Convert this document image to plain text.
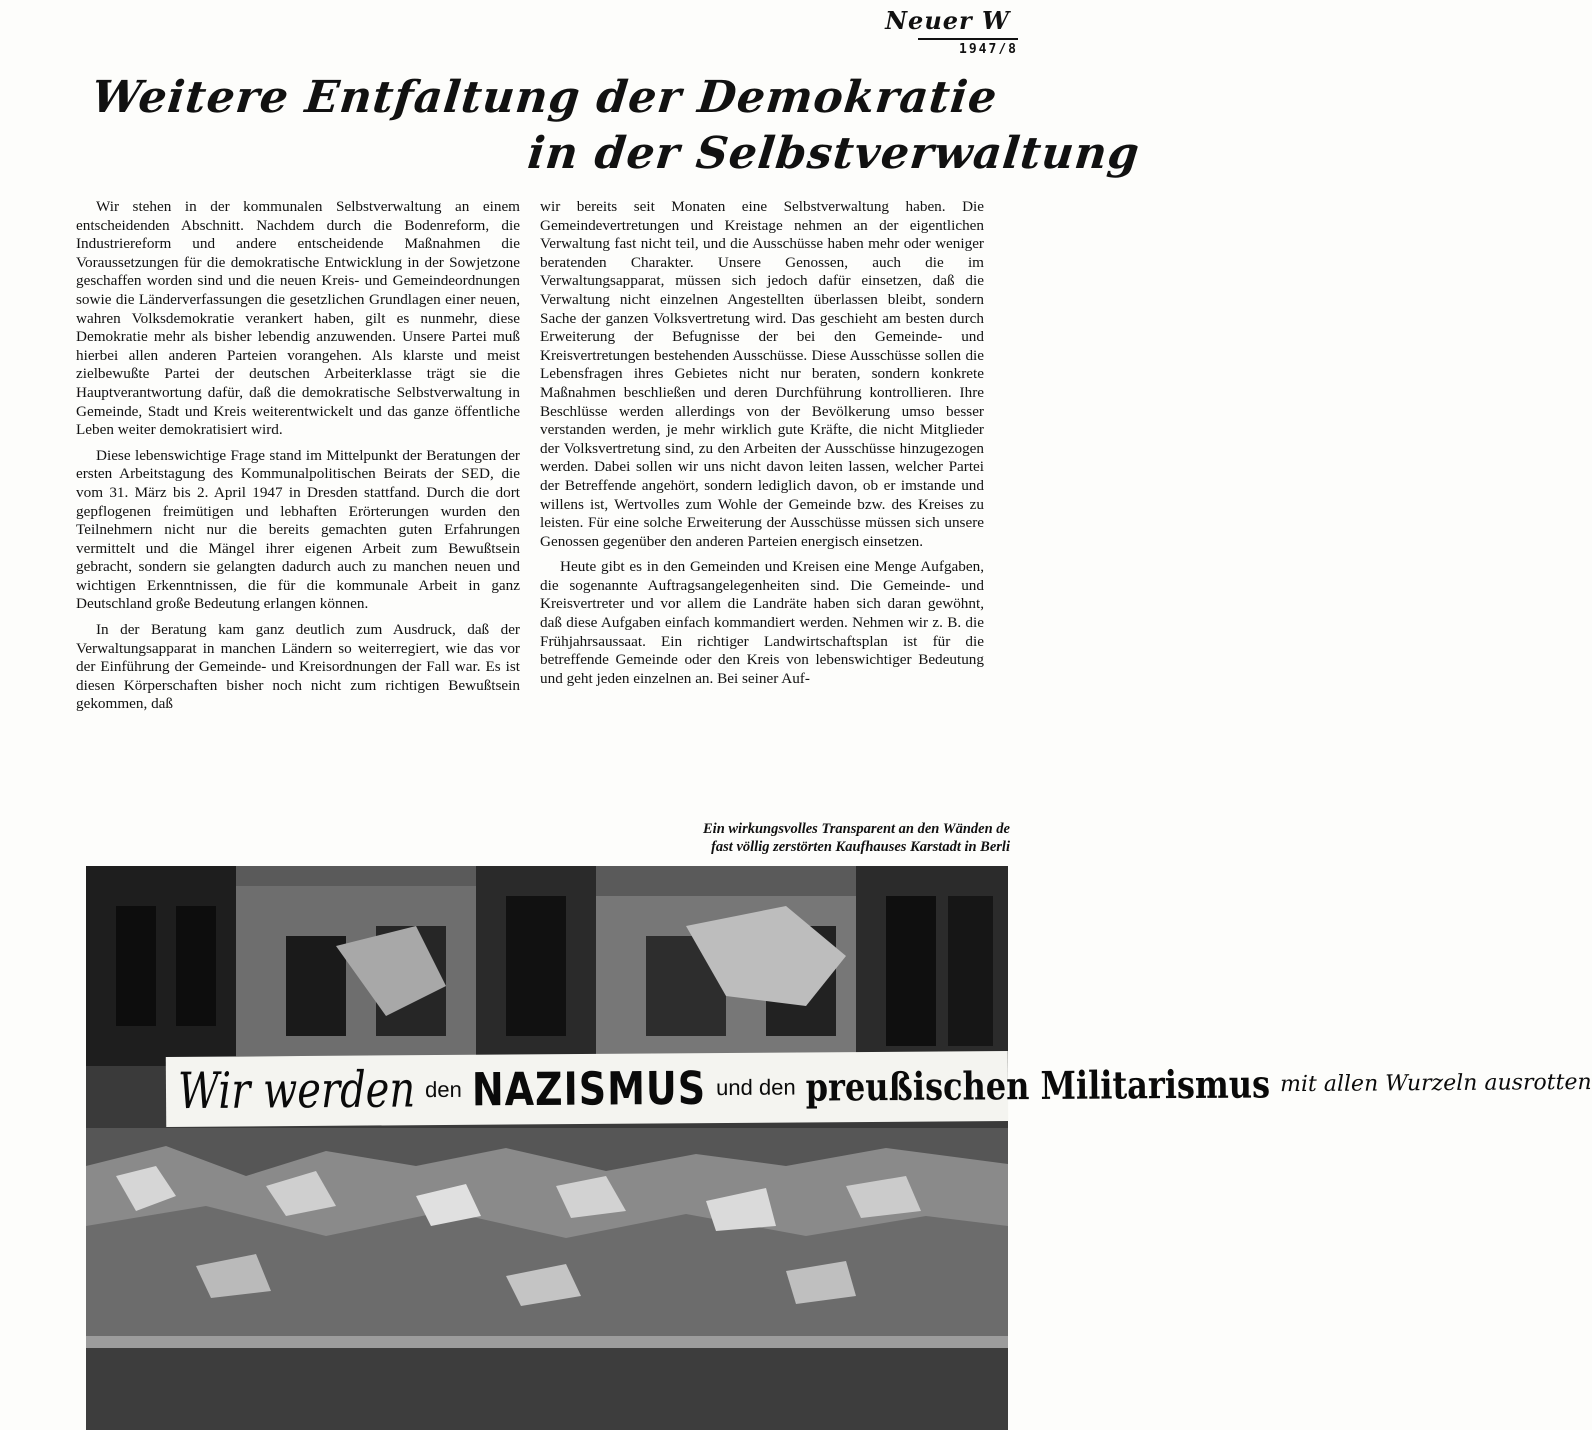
Neuer W
1947/8
Weitere Entfaltung der Demokratie
in der Selbstverwaltung

Wir stehen in der kommunalen Selbstverwaltung an einem entscheidenden Abschnitt. Nachdem durch die Bodenreform, die Industriereform und andere entscheidende Maßnahmen die Voraussetzungen für die demokratische Entwicklung in der Sowjetzone geschaffen worden sind und die neuen Kreis- und Gemeindeordnungen sowie die Länderverfassungen die gesetzlichen Grundlagen einer neuen, wahren Volksdemokratie verankert haben, gilt es nunmehr, diese Demokratie mehr als bisher lebendig anzuwenden. Unsere Partei muß hierbei allen anderen Parteien vorangehen. Als klarste und meist zielbewußte Partei der deutschen Arbeiterklasse trägt sie die Hauptverantwortung dafür, daß die demokratische Selbstverwaltung in Gemeinde, Stadt und Kreis weiterentwickelt und das ganze öffentliche Leben weiter demokratisiert wird.

Diese lebenswichtige Frage stand im Mittelpunkt der Beratungen der ersten Arbeitstagung des Kommunalpolitischen Beirats der SED, die vom 31. März bis 2. April 1947 in Dresden stattfand. Durch die dort gepflogenen freimütigen und lebhaften Erörterungen wurden den Teilnehmern nicht nur die bereits gemachten guten Erfahrungen vermittelt und die Mängel ihrer eigenen Arbeit zum Bewußtsein gebracht, sondern sie gelangten dadurch auch zu manchen neuen und wichtigen Erkenntnissen, die für die kommunale Arbeit in ganz Deutschland große Bedeutung erlangen können.

In der Beratung kam ganz deutlich zum Ausdruck, daß der Verwaltungsapparat in manchen Ländern so weiterregiert, wie das vor der Einführung der Gemeinde- und Kreisordnungen der Fall war. Es ist diesen Körperschaften bisher noch nicht zum richtigen Bewußtsein gekommen, daß

wir bereits seit Monaten eine Selbstverwaltung haben. Die Gemeindevertretungen und Kreistage nehmen an der eigentlichen Verwaltung fast nicht teil, und die Ausschüsse haben mehr oder weniger beratenden Charakter. Unsere Genossen, auch die im Verwaltungsapparat, müssen sich jedoch dafür einsetzen, daß die Verwaltung nicht einzelnen Angestellten überlassen bleibt, sondern Sache der ganzen Volksvertretung wird. Das geschieht am besten durch Erweiterung der Befugnisse der bei den Gemeinde- und Kreisvertretungen bestehenden Ausschüsse. Diese Ausschüsse sollen die Lebensfragen ihres Gebietes nicht nur beraten, sondern konkrete Maßnahmen beschließen und deren Durchführung kontrollieren. Ihre Beschlüsse werden allerdings von der Bevölkerung umso besser verstanden werden, je mehr wirklich gute Kräfte, die nicht Mitglieder der Volksvertretung sind, zu den Arbeiten der Ausschüsse hinzugezogen werden. Dabei sollen wir uns nicht davon leiten lassen, welcher Partei der Betreffende angehört, sondern lediglich davon, ob er imstande und willens ist, Wertvolles zum Wohle der Gemeinde bzw. des Kreises zu leisten. Für eine solche Erweiterung der Ausschüsse müssen sich unsere Genossen gegenüber den anderen Parteien energisch einsetzen.

Heute gibt es in den Gemeinden und Kreisen eine Menge Aufgaben, die sogenannte Auftragsangelegenheiten sind. Die Gemeinde- und Kreisvertreter und vor allem die Landräte haben sich daran gewöhnt, daß diese Aufgaben einfach kommandiert werden. Nehmen wir z. B. die Frühjahrsaussaat. Ein richtiger Landwirtschaftsplan ist für die betreffende Gemeinde oder den Kreis von lebenswichtiger Bedeutung und geht jeden einzelnen an. Bei seiner Auf-

Ein wirkungsvolles Transparent an den Wänden de
fast völlig zerstörten Kaufhauses Karstadt in Berli
Wir werden den NAZISMUS und den preußischen Militarismus mit allen Wurzeln ausrotten
